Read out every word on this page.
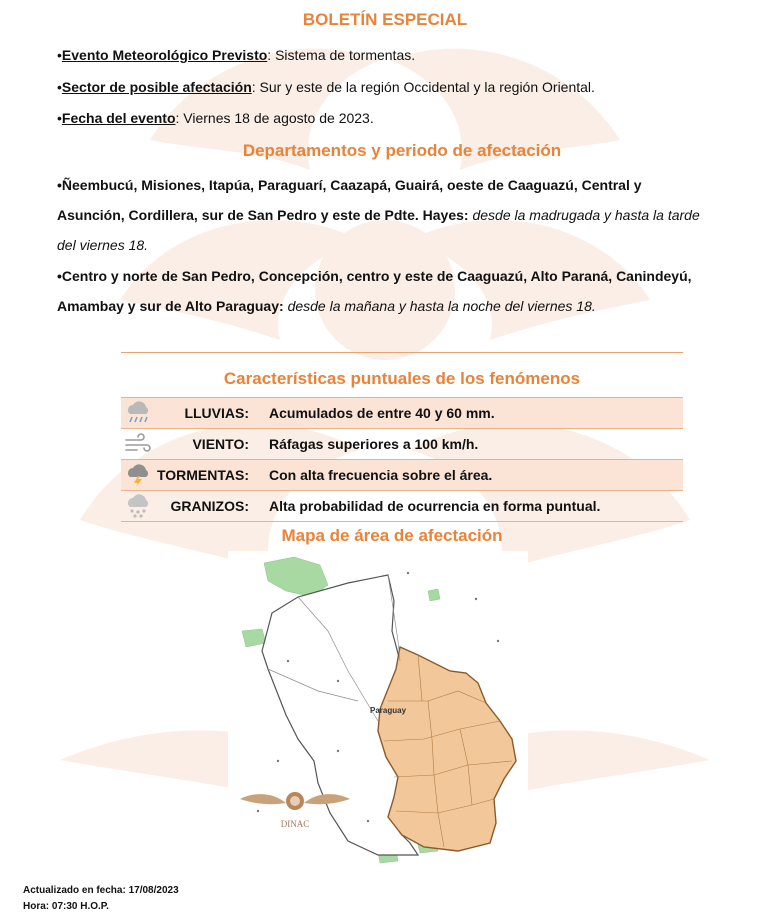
BOLETÍN ESPECIAL
•Evento Meteorológico Previsto: Sistema de tormentas.
•Sector de posible afectación: Sur y este de la región Occidental y la región Oriental.
•Fecha del evento: Viernes 18 de agosto de 2023.
Departamentos y periodo de afectación
•Ñeembucú, Misiones, Itapúa, Paraguarí, Caazapá, Guairá, oeste de Caaguazú, Central y
Asunción, Cordillera, sur de San Pedro y este de Pdte. Hayes: desde la madrugada y hasta la tarde
del viernes 18.
•Centro y norte de San Pedro, Concepción, centro y este de Caaguazú, Alto Paraná, Canindeyú,
Amambay y sur de Alto Paraguay: desde la mañana y hasta la noche del viernes 18.
Características puntuales de los fenómenos
LLUVIAS: Acumulados de entre 40 y 60 mm.
VIENTO: Ráfagas superiores a 100 km/h.
TORMENTAS: Con alta frecuencia sobre el área.
GRANIZOS: Alta probabilidad de ocurrencia en forma puntual.
Mapa de área de afectación
Paraguay
DINAC
Actualizado en fecha: 17/08/2023
Hora: 07:30 H.O.P.
